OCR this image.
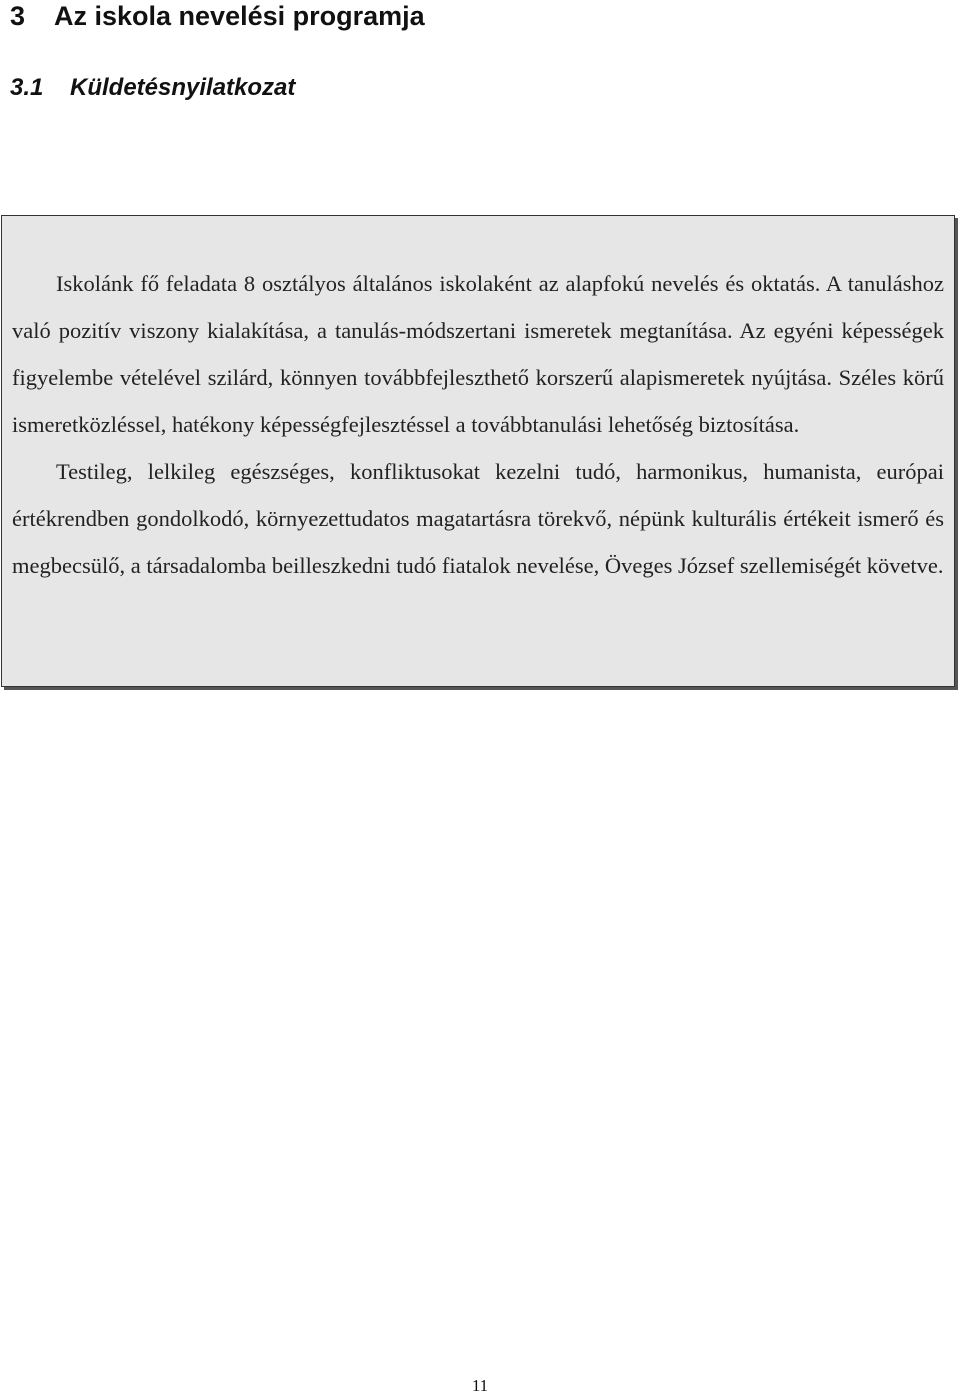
3 Az iskola nevelési programja
3.1 Küldetésnyilatkozat

Iskolánk fő feladata 8 osztályos általános iskolaként az alapfokú nevelés és oktatás. A tanuláshoz való pozitív viszony kialakítása, a tanulás-módszertani ismeretek megtanítása. Az egyéni képességek figyelembe vételével szilárd, könnyen továbbfejleszthető korszerű alapismeretek nyújtása. Széles körű ismeretközléssel, hatékony képességfejlesztéssel a továbbtanulási lehetőség biztosítása.

Testileg, lelkileg egészséges, konfliktusokat kezelni tudó, harmonikus, humanista, európai értékrendben gondolkodó, környezettudatos magatartásra törekvő, népünk kulturális értékeit ismerő és megbecsülő, a társadalomba beilleszkedni tudó fiatalok nevelése, Öveges József szellemiségét követve.

11
